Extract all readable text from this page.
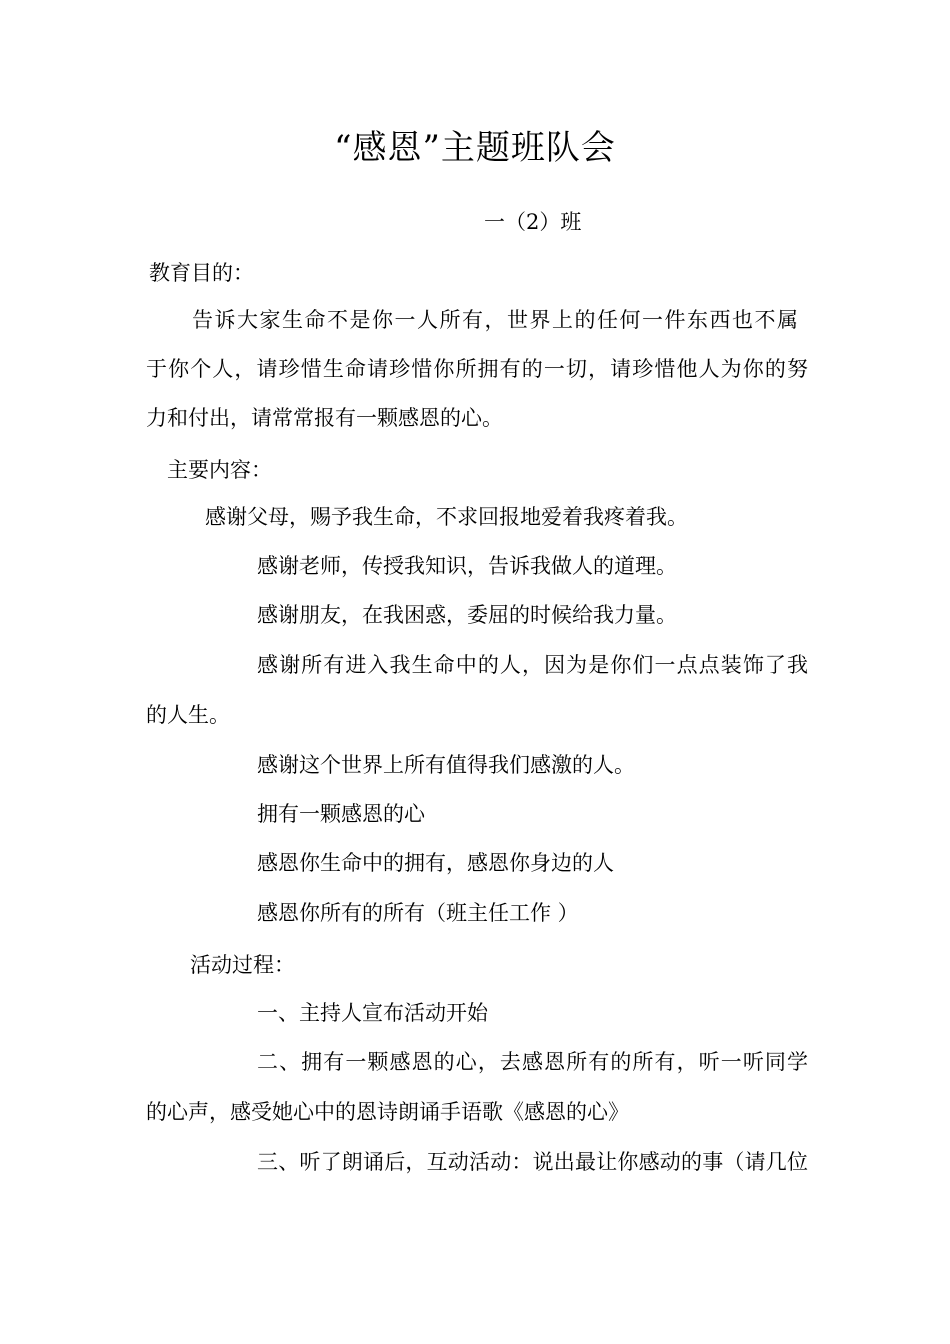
“感恩”主题班队会
一（2）班
教育目的：
告诉大家生命不是你一人所有，世界上的任何一件东西也不属
于你个人，请珍惜生命请珍惜你所拥有的一切，请珍惜他人为你的努
力和付出，请常常报有一颗感恩的心。
主要内容：
感谢父母，赐予我生命，不求回报地爱着我疼着我。
感谢老师，传授我知识，告诉我做人的道理。
感谢朋友，在我困惑，委屈的时候给我力量。
感谢所有进入我生命中的人，因为是你们一点点装饰了我
的人生。
感谢这个世界上所有值得我们感激的人。
拥有一颗感恩的心
感恩你生命中的拥有，感恩你身边的人
感恩你所有的所有（班主任工作 ）
活动过程：
一、主持人宣布活动开始
二、拥有一颗感恩的心，去感恩所有的所有，听一听同学
的心声，感受她心中的恩诗朗诵手语歌《感恩的心》
三、听了朗诵后，互动活动：说出最让你感动的事（请几位
